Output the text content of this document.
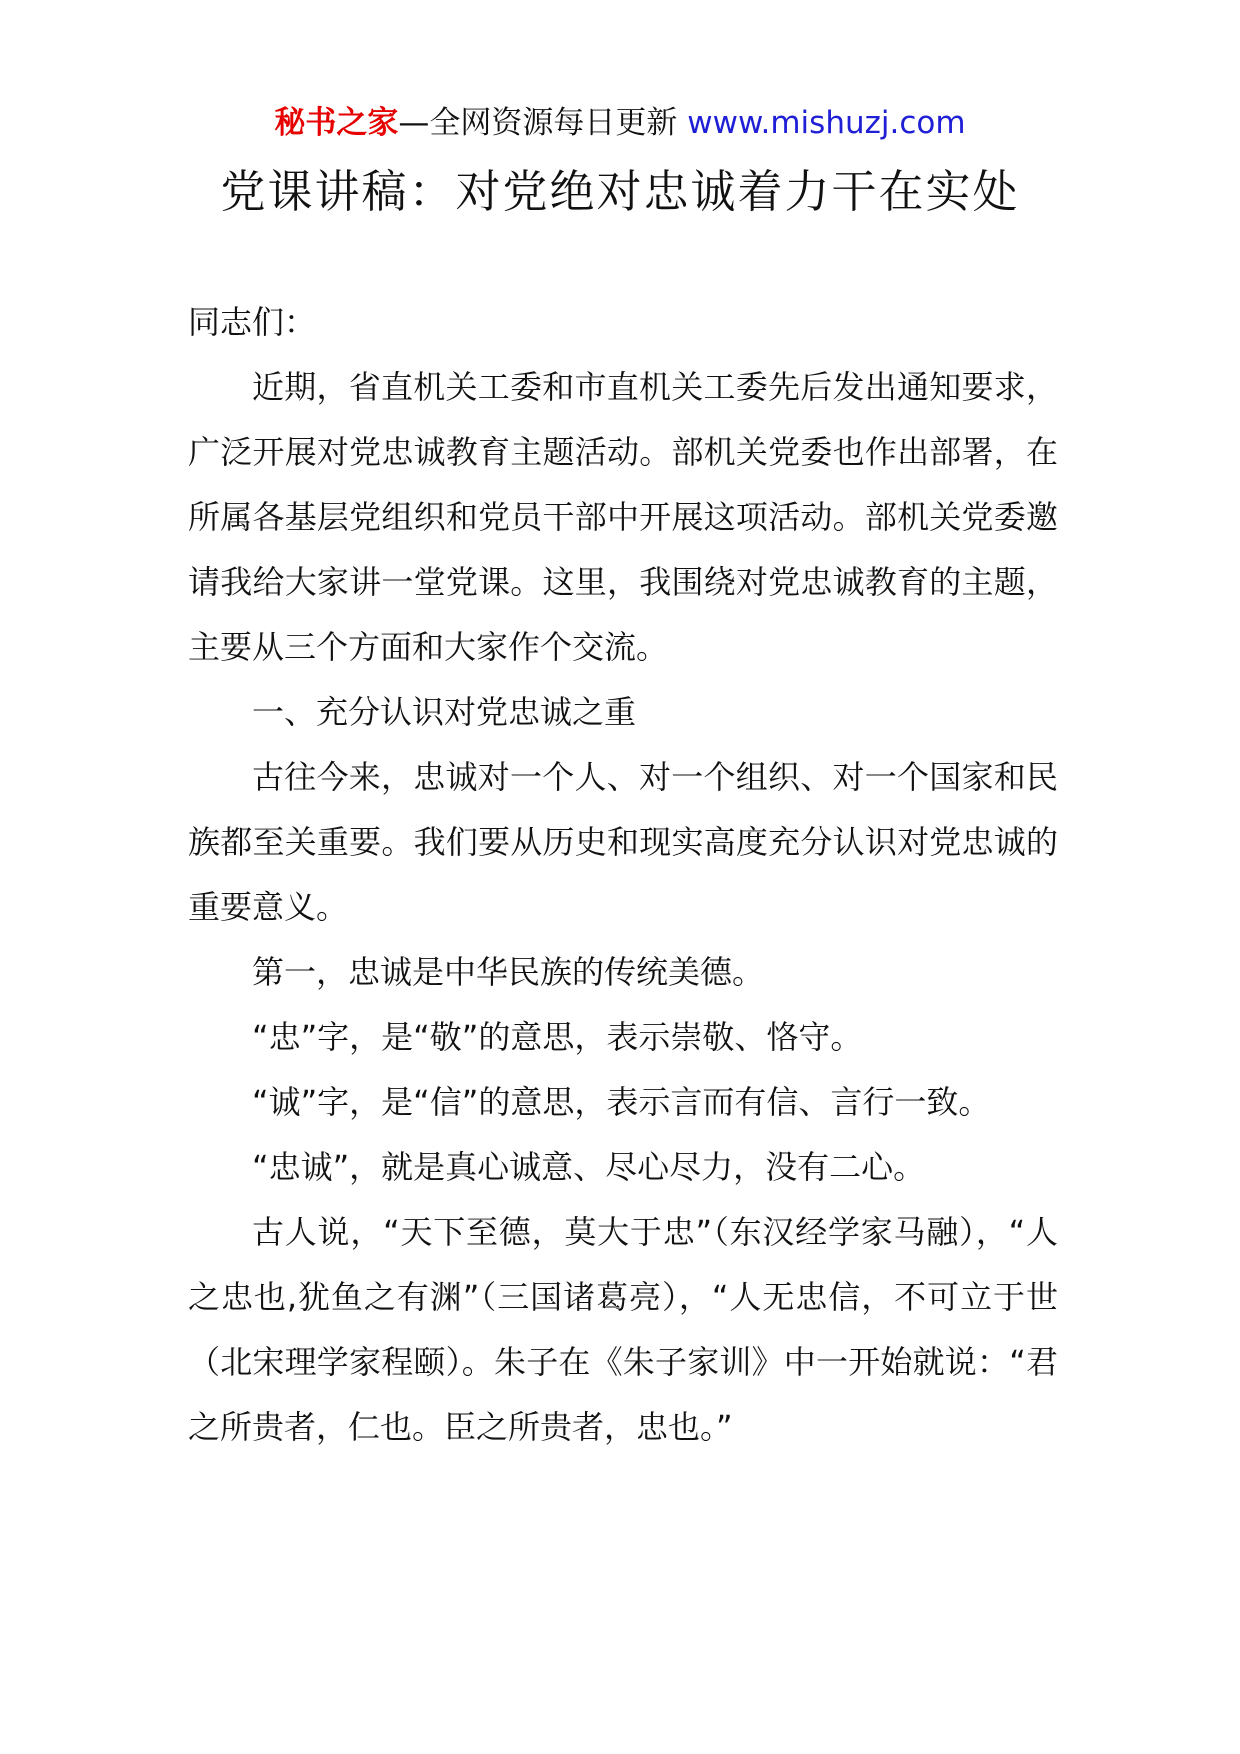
秘书之家—全网资源每日更新 www.mishuzj.com
党课讲稿：对党绝对忠诚着力干在实处

同志们：

近期，省直机关工委和市直机关工委先后发出通知要求，广泛开展对党忠诚教育主题活动。部机关党委也作出部署，在所属各基层党组织和党员干部中开展这项活动。部机关党委邀请我给大家讲一堂党课。这里，我围绕对党忠诚教育的主题，主要从三个方面和大家作个交流。

一、充分认识对党忠诚之重

古往今来，忠诚对一个人、对一个组织、对一个国家和民族都至关重要。我们要从历史和现实高度充分认识对党忠诚的重要意义。

第一，忠诚是中华民族的传统美德。

“忠”字，是“敬”的意思，表示崇敬、恪守。

“诚”字，是“信”的意思，表示言而有信、言行一致。

“忠诚”，就是真心诚意、尽心尽力，没有二心。

古人说，“天下至德，莫大于忠”（东汉经学家马融），“人之忠也,犹鱼之有渊”（三国诸葛亮），“人无忠信，不可立于世（北宋理学家程颐）。朱子在《朱子家训》中一开始就说：“君之所贵者，仁也。臣之所贵者，忠也。”
